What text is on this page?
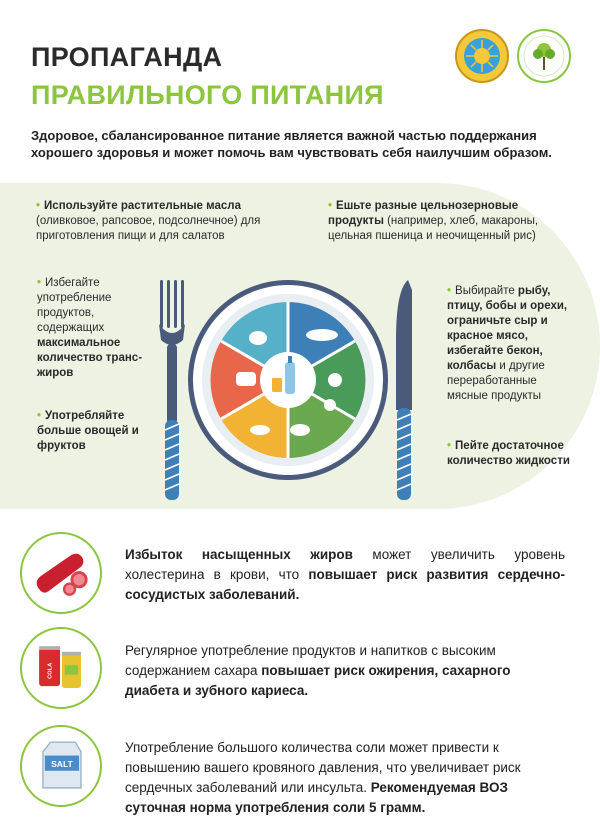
ПРОПАГАНДА
ПРАВИЛЬНОГО ПИТАНИЯ
Здоровое, сбалансированное питание является важной частью поддержания хорошего здоровья и может помочь вам чувствовать себя наилучшим образом.
• Используйте растительные масла (оливковое, рапсовое, подсолнечное) для приготовления пищи и для салатов
• Ешьте разные цельнозерновые продукты (например, хлеб, макароны, цельная пшеница и неочищенный рис)
• Избегайте употребление продуктов, содержащих максимальное количество транс-жиров
• Употребляйте больше овощей и фруктов
• Выбирайте рыбу, птицу, бобы и орехи, ограничьте сыр и красное мясо, избегайте бекон, колбасы и другие переработанные мясные продукты
• Пейте достаточное количество жидкости
Избыток насыщенных жиров может увеличить уровень холестерина в крови, что повышает риск развития сердечно-сосудистых заболеваний.
COLA
Регулярное употребление продуктов и напитков с высоким содержанием сахара повышает риск ожирения, сахарного диабета и зубного кариеса.
SALT
Употребление большого количества соли может привести к повышению вашего кровяного давления, что увеличивает риск сердечных заболеваний или инсульта. Рекомендуемая ВОЗ суточная норма употребления соли 5 грамм.
